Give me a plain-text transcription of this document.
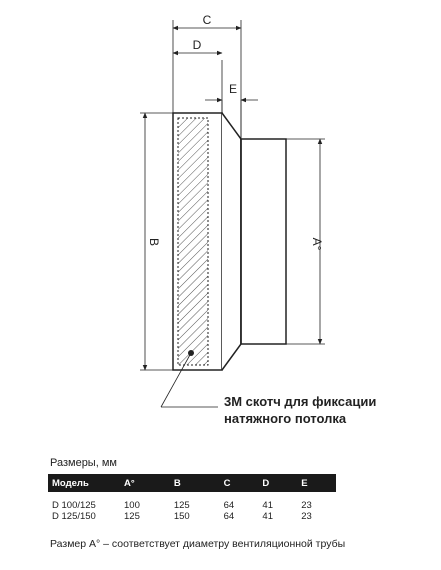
C
D
E
B	A°
3M скотч для фиксации
натяжного потолка
Размеры, мм
Модель	A°	B	C	D	E

D 100/125	100	125	64	41	23
D 125/150	125	150	64	41	23
Размер A° – соответствует диаметру вентиляционной трубы
